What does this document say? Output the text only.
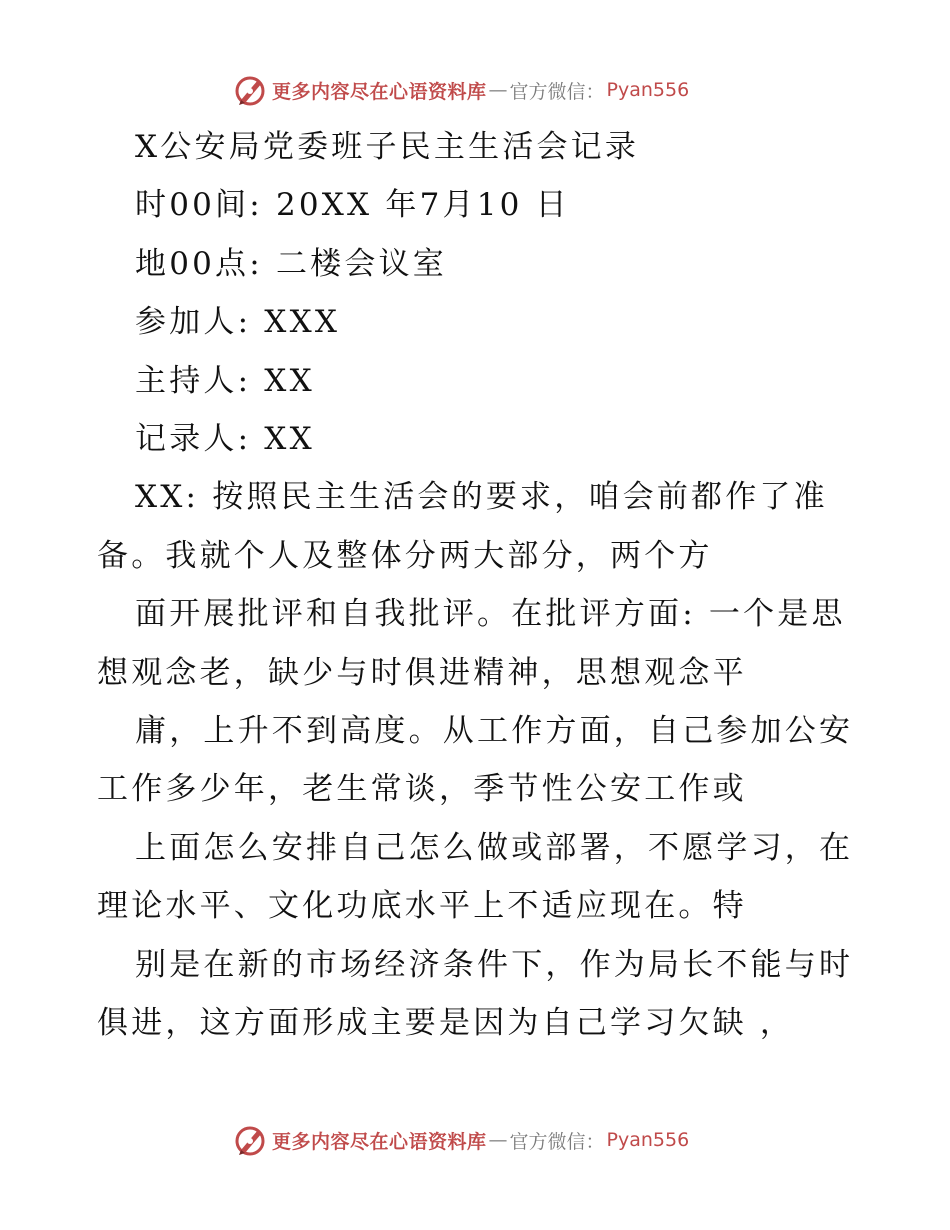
更多内容尽在心语资料库 — 官方微信： Pyan556
X公安局党委班子民主生活会记录
时00间: 20XX 年7月10 日
地00点: 二楼会议室
参加人: XXX
主持人: XX
记录人: XX
XX: 按照民主生活会的要求，咱会前都作了准
备。我就个人及整体分两大部分，两个方
面开展批评和自我批评。在批评方面: 一个是思
想观念老，缺少与时俱进精神，思想观念平
庸，上升不到高度。从工作方面，自己参加公安
工作多少年，老生常谈，季节性公安工作或
上面怎么安排自己怎么做或部署，不愿学习，在
理论水平、文化功底水平上不适应现在。特
别是在新的市场经济条件下，作为局长不能与时
俱进，这方面形成主要是因为自己学习欠缺 ，
更多内容尽在心语资料库 — 官方微信： Pyan556
